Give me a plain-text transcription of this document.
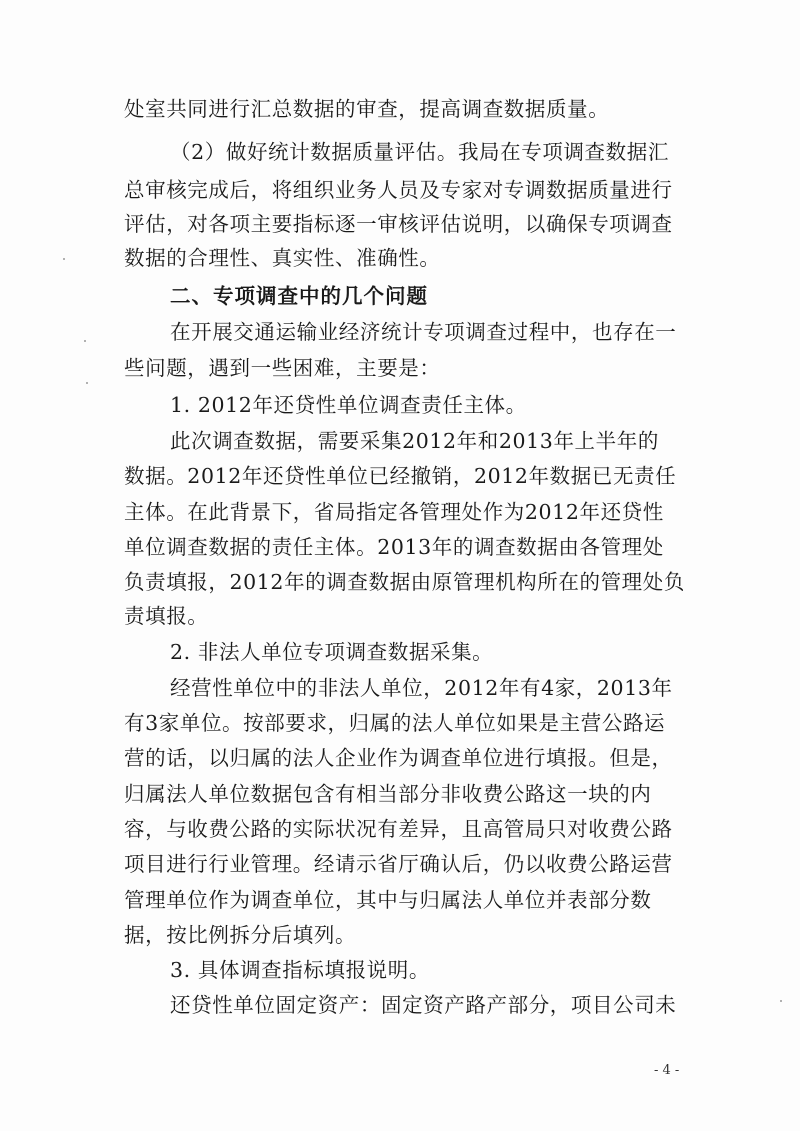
处室共同进行汇总数据的审查，提高调查数据质量。
（2）做好统计数据质量评估。我局在专项调查数据汇
总审核完成后，将组织业务人员及专家对专调数据质量进行
评估，对各项主要指标逐一审核评估说明，以确保专项调查
数据的合理性、真实性、准确性。
二、专项调查中的几个问题
在开展交通运输业经济统计专项调查过程中，也存在一
些问题，遇到一些困难，主要是：
1. 2012年还贷性单位调查责任主体。
此次调查数据，需要采集2012年和2013年上半年的
数据。2012年还贷性单位已经撤销，2012年数据已无责任
主体。在此背景下，省局指定各管理处作为2012年还贷性
单位调查数据的责任主体。2013年的调查数据由各管理处
负责填报，2012年的调查数据由原管理机构所在的管理处负
责填报。
2. 非法人单位专项调查数据采集。
经营性单位中的非法人单位，2012年有4家，2013年
有3家单位。按部要求，归属的法人单位如果是主营公路运
营的话，以归属的法人企业作为调查单位进行填报。但是，
归属法人单位数据包含有相当部分非收费公路这一块的内
容，与收费公路的实际状况有差异，且高管局只对收费公路
项目进行行业管理。经请示省厅确认后，仍以收费公路运营
管理单位作为调查单位，其中与归属法人单位并表部分数
据，按比例拆分后填列。
3. 具体调查指标填报说明。
还贷性单位固定资产：固定资产路产部分，项目公司未
- 4 -
